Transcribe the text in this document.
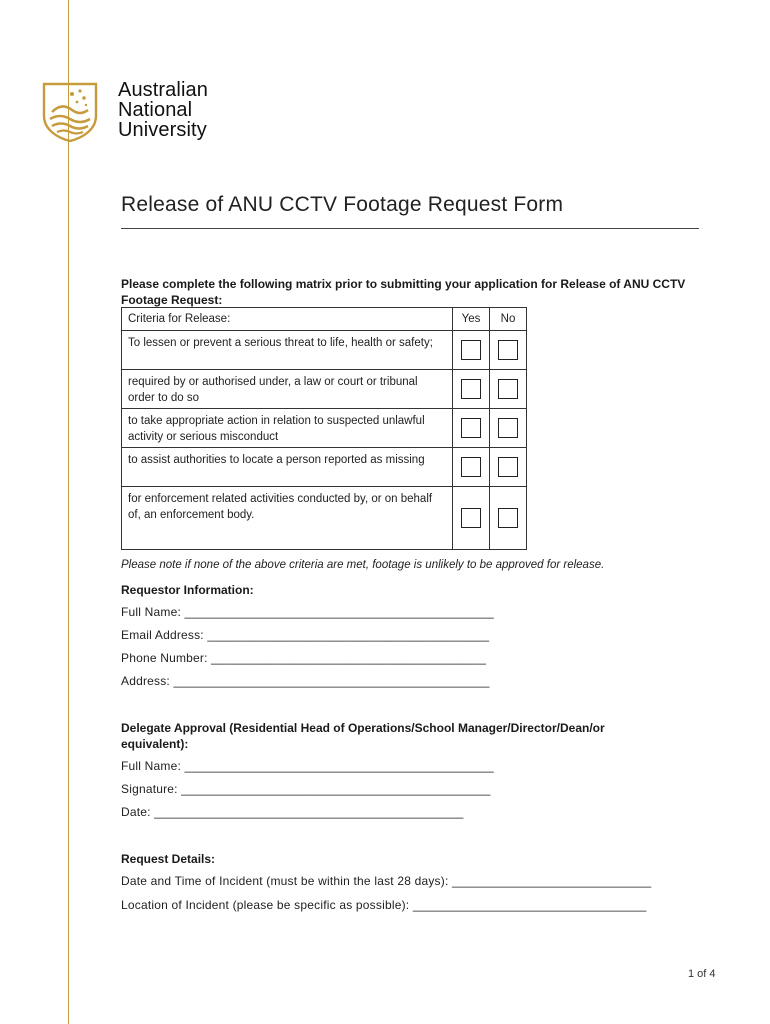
Australian
National
University
Release of ANU CCTV Footage Request Form
Please complete the following matrix prior to submitting your application for Release of ANU CCTV Footage Request:
Criteria for Release:	Yes	No
To lessen or prevent a serious threat to life, health or safety;		
required by or authorised under, a law or court or tribunal order to do so		
to take appropriate action in relation to suspected unlawful activity or serious misconduct		
to assist authorities to locate a person reported as missing		
for enforcement related activities conducted by, or on behalf of, an enforcement body.		
Please note if none of the above criteria are met, footage is unlikely to be approved for release.
Requestor Information:
Full Name: _____________________________________________
Email Address: _________________________________________
Phone Number: ________________________________________
Address: ______________________________________________
Delegate Approval (Residential Head of Operations/School Manager/Director/Dean/or equivalent):
Full Name: _____________________________________________
Signature: _____________________________________________
Date: _____________________________________________
Request Details:
Date and Time of Incident (must be within the last 28 days): _____________________________
Location of Incident (please be specific as possible): __________________________________
1 of 4
